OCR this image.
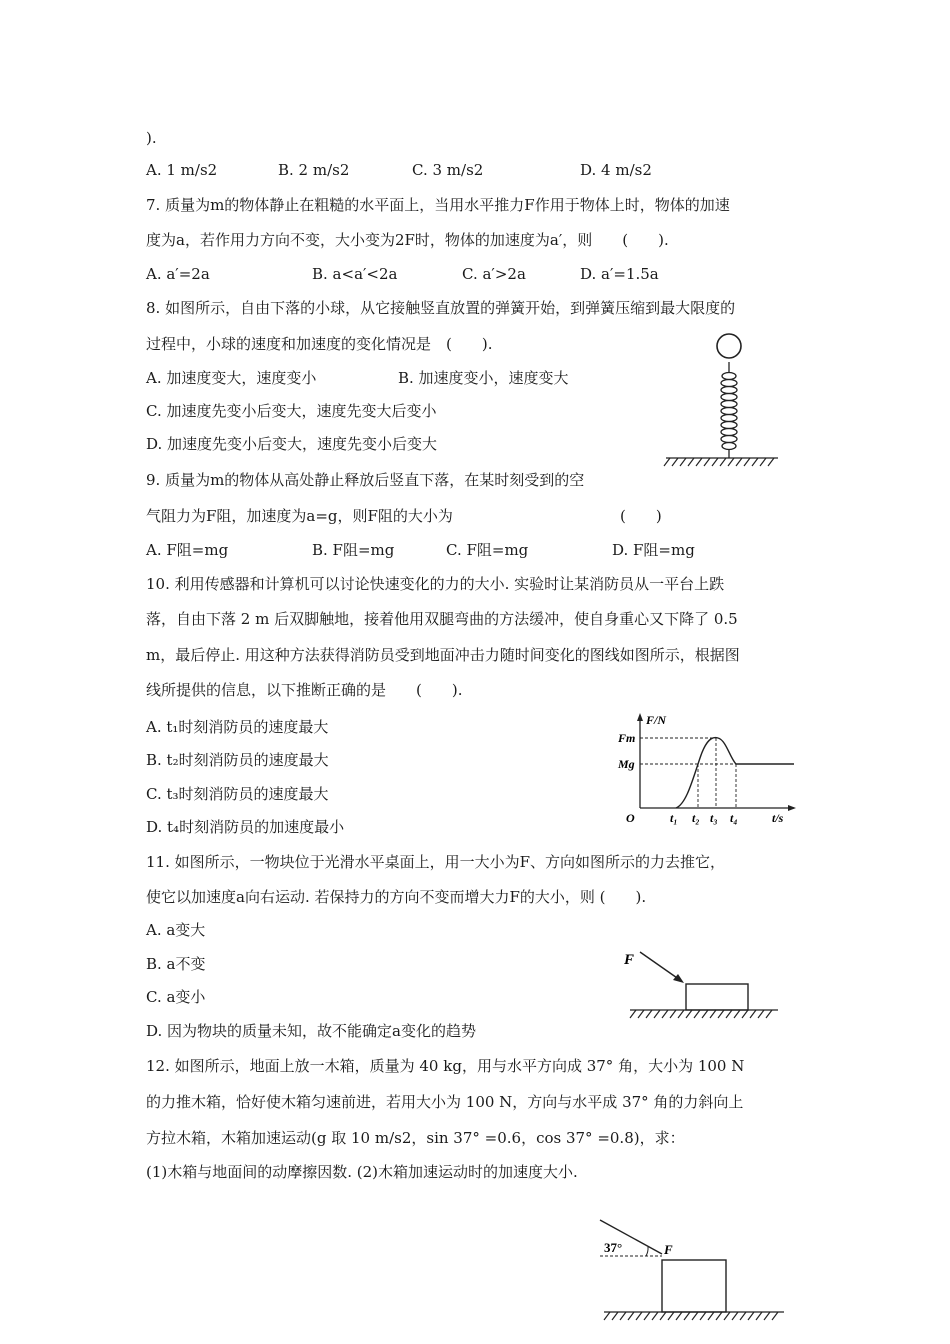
).
A. 1 m/s2	B. 2 m/s2	C. 3 m/s2	D. 4 m/s2
7. 质量为m的物体静止在粗糙的水平面上，当用水平推力F作用于物体上时，物体的加速
度为a，若作用力方向不变，大小变为2F时，物体的加速度为a′，则　　(　　).
A. a′=2a	B. a<a′<2a	C. a′>2a	D. a′=1.5a
8. 如图所示，自由下落的小球，从它接触竖直放置的弹簧开始，到弹簧压缩到最大限度的
过程中，小球的速度和加速度的变化情况是　(　　).
A. 加速度变大，速度变小	B. 加速度变小，速度变大
C. 加速度先变小后变大，速度先变大后变小
D. 加速度先变小后变大，速度先变小后变大
9. 质量为m的物体从高处静止释放后竖直下落，在某时刻受到的空
气阻力为F阻，加速度为a=g，则F阻的大小为	(　　)
A. F阻=mg	B. F阻=mg	C. F阻=mg	D. F阻=mg
10. 利用传感器和计算机可以讨论快速变化的力的大小. 实验时让某消防员从一平台上跌
落，自由下落 2 m 后双脚触地，接着他用双腿弯曲的方法缓冲，使自身重心又下降了 0.5
m，最后停止. 用这种方法获得消防员受到地面冲击力随时间变化的图线如图所示，根据图
线所提供的信息，以下推断正确的是　　(　　).
A. t₁时刻消防员的速度最大
B. t₂时刻消防员的速度最大
C. t₃时刻消防员的速度最大
D. t₄时刻消防员的加速度最小
F/N
t/s
O
Fm
Mg
t₁ t₂ t₃ t₄
11. 如图所示，一物块位于光滑水平桌面上，用一大小为F、方向如图所示的力去推它，
使它以加速度a向右运动. 若保持力的方向不变而增大力F的大小，则 (　　).
A. a变大
B. a不变
C. a变小
D. 因为物块的质量未知，故不能确定a变化的趋势
F
12. 如图所示，地面上放一木箱，质量为 40 kg，用与水平方向成 37° 角，大小为 100 N
的力推木箱，恰好使木箱匀速前进，若用大小为 100 N，方向与水平成 37° 角的力斜向上
方拉木箱，木箱加速运动(g 取 10 m/s2，sin 37° =0.6，cos 37° =0.8)，求：
(1)木箱与地面间的动摩擦因数. (2)木箱加速运动时的加速度大小.
37°	F
